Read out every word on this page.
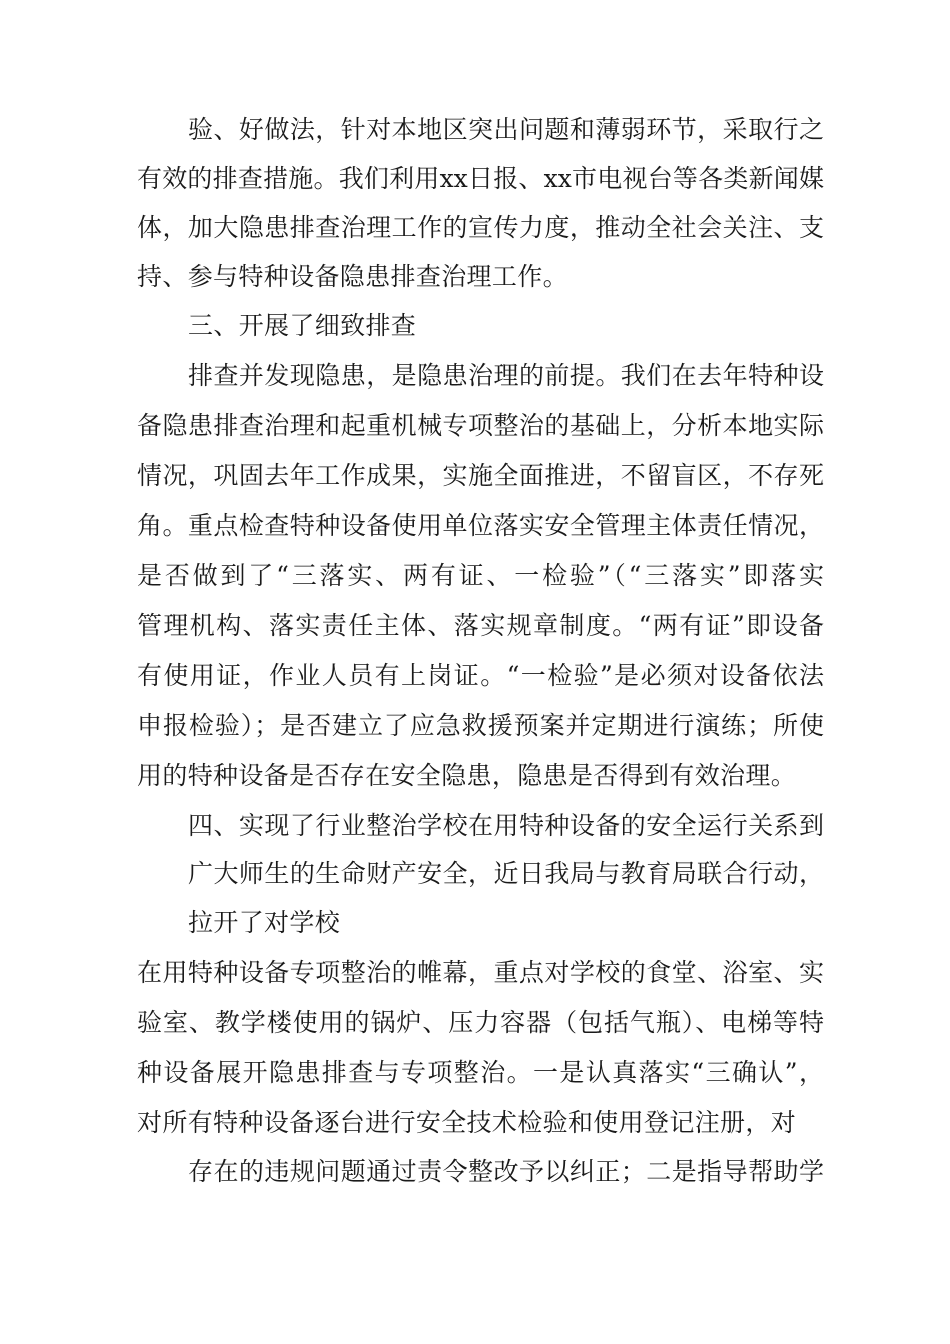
验、好做法，针对本地区突出问题和薄弱环节，采取行之
有效的排查措施。我们利用xx日报、xx市电视台等各类新闻媒
体，加大隐患排查治理工作的宣传力度，推动全社会关注、支
持、参与特种设备隐患排查治理工作。
三、开展了细致排查
排查并发现隐患，是隐患治理的前提。我们在去年特种设
备隐患排查治理和起重机械专项整治的基础上，分析本地实际
情况，巩固去年工作成果，实施全面推进，不留盲区，不存死
角。重点检查特种设备使用单位落实安全管理主体责任情况，
是否做到了“三落实、两有证、一检验”（“三落实”即落实
管理机构、落实责任主体、落实规章制度。“两有证”即设备
有使用证，作业人员有上岗证。“一检验”是必须对设备依法
申报检验）；是否建立了应急救援预案并定期进行演练；所使
用的特种设备是否存在安全隐患，隐患是否得到有效治理。
四、实现了行业整治学校在用特种设备的安全运行关系到
广大师生的生命财产安全，近日我局与教育局联合行动，
拉开了对学校
在用特种设备专项整治的帷幕，重点对学校的食堂、浴室、实
验室、教学楼使用的锅炉、压力容器（包括气瓶）、电梯等特
种设备展开隐患排查与专项整治。一是认真落实“三确认”，
对所有特种设备逐台进行安全技术检验和使用登记注册，对
存在的违规问题通过责令整改予以纠正；二是指导帮助学
